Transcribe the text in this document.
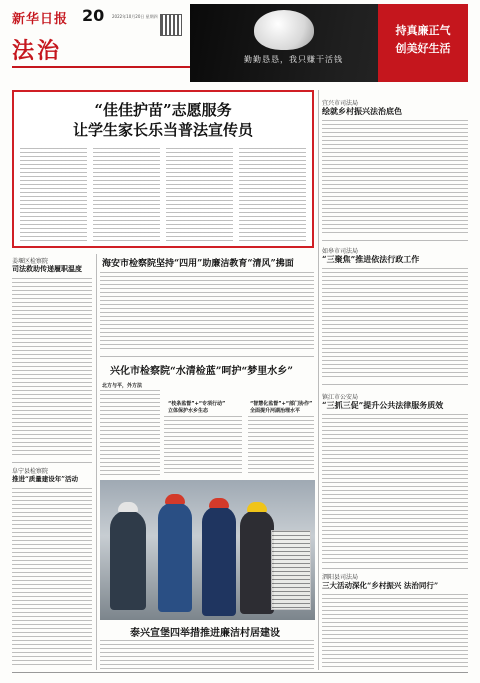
新华日报 20
法治
2022年10月20日 星期四
勤勤恳恳，我只赚干活钱
持真廉正气
创美好生活
“佳佳护苗”志愿服务
让学生家长乐当普法宣传员
宜兴市司法局
绘就乡村振兴法治底色
如皋市司法局
“三聚焦”推进依法行政工作
镇江市公安局
“三抓三促”提升公共法律服务质效
泗阳县司法局
三大活动深化“乡村振兴 法治同行”
姜堰区检察院
司法救助传递履职温度
阜宁县检察院
推进“质量建设年”活动
海安市检察院坚持“四用”助廉洁教育“清风”拂面
兴化市检察院“水清检蓝”呵护“梦里水乡”
北方与平，外方法
“枝条监督”+“专项行动”
立体保护水乡生态
“智慧化监督”+“部门协作”
全面提升河湖治理水平
泰兴宣堡四举措推进廉洁村居建设
